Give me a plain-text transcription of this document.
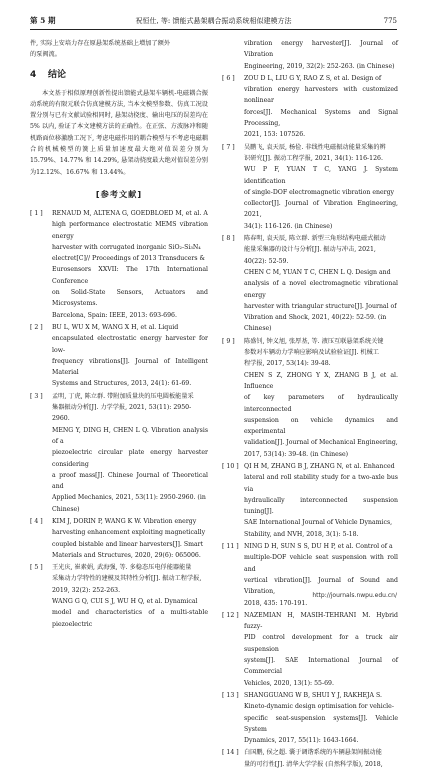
第 5 期	祝恒仕, 等: 馈能式悬架耦合振动系统相似建模方法	775

件, 实际上安培力存在原悬架系统基础上增加了额外
的泵阀流。

4 结论

本文基于相似原理创新性提出馈能式悬架车辆机-电磁耦合振动系统的有限元联合仿真建模方法, 当本文模型参数、仿真工况设置分别与已有文献试验相同时, 悬架动挠度、输出电压的误差均在5% 以内, 验证了本文建模方法的正确性。在正弦、方波脉冲和随机路面位移激励工况下, 考虑电磁作用的耦合模型与不考虑电磁耦合的机械模型的簧上质量加速度最大绝对值误差分别为 15.79%、14.77% 和 14.29%, 悬架动挠度最大绝对值误差分别为12.12%、16.67% 和 13.44%。

[参考文献]
[ 1 ] RENAUD M, ALTENA G, GOEDBLOED M, et al. A
high performance electrostatic MEMS vibration energy
harvester with corrugated inorganic SiO₂-Si₃N₄
electret[C]// Proceedings of 2013 Transducers &
Eurosensors XXVII: The 17th International Conference
on Solid-State Sensors, Actuators and Microsystems.
Barcelona, Spain: IEEE, 2013: 693-696.
[ 2 ] BU L, WU X M, WANG X H, et al. Liquid
encapsulated electrostatic energy harvester for low-
frequency vibrations[J]. Journal of Intelligent Material
Systems and Structures, 2013, 24(1): 61-69.
[ 3 ] 孟明, 丁虎, 陈立群. 带附加质量块的压电圆板能量采
集器振动分析[J]. 力学学报, 2021, 53(11): 2950-
2960.
MENG Y, DING H, CHEN L Q. Vibration analysis of a
piezoelectric circular plate energy harvester considering
a proof mass[J]. Chinese Journal of Theoretical and
Applied Mechanics, 2021, 53(11): 2950-2960. (in
Chinese)
[ 4 ] KIM J, DORIN P, WANG K W. Vibration energy
harvesting enhancement exploiting magnetically
coupled bistable and linear harvesters[J]. Smart
Materials and Structures, 2020, 29(6): 065006.
[ 5 ] 王光庆, 崔素娟, 武海强, 等. 多稳态压电俘能器能量
采集动力学特性的建模及其特性分析[J]. 振动工程学报,
2019, 32(2): 252-263.
WANG G Q, CUI S J, WU H Q, et al. Dynamical
model and characteristics of a multi-stable piezoelectric
vibration energy harvester[J]. Journal of Vibration
Engineering, 2019, 32(2): 252-263. (in Chinese)
[ 6 ] ZOU D L, LIU G Y, RAO Z S, et al. Design of
vibration energy harvesters with customized nonlinear
forces[J]. Mechanical Systems and Signal Processing,
2021, 153: 107526.
[ 7 ] 吴鹏飞, 袁天辰, 杨俭. 非线性电磁振动能量采集的辨
识研究[J]. 振动工程学报, 2021, 34(1): 116-126.
WU P F, YUAN T C, YANG J. System identification
of single-DOF electromagnetic vibration energy
collector[J]. Journal of Vibration Engineering, 2021,
34(1): 116-126. (in Chinese)
[ 8 ] 陈春明, 袁天辰, 陈立群. 新型三角形结构电磁式振动
能量采集器的设计与分析[J]. 振动与冲击, 2021,
40(22): 52-59.
CHEN C M, YUAN T C, CHEN L Q. Design and
analysis of a novel electromagnetic vibrational energy
harvester with triangular structure[J]. Journal of
Vibration and Shock, 2021, 40(22): 52-59. (in
Chinese)
[ 9 ] 陈盛钊, 钟义旭, 张厚基, 等. 液压互联悬架系统关键
参数对车辆动力学响应影响及试验验证[J]. 机械工
程学报, 2017, 53(14): 39-48.
CHEN S Z, ZHONG Y X, ZHANG B J, et al. Influence
of key parameters of hydraulically interconnected
suspension on vehicle dynamics and experimental
validation[J]. Journal of Mechanical Engineering,
2017, 53(14): 39-48. (in Chinese)
[ 10 ] QI H M, ZHANG B J, ZHANG N, et al. Enhanced
lateral and roll stability study for a two-axle bus via
hydraulically interconnected suspension tuning[J].
SAE International Journal of Vehicle Dynamics,
Stability, and NVH, 2018, 3(1): 5-18.
[ 11 ] NING D H, SUN S S, DU H P, et al. Control of a
multiple-DOF vehicle seat suspension with roll and
vertical vibration[J]. Journal of Sound and Vibration,
2018, 435: 170-191.
[ 12 ] NAZEMIAN H, MASIH-TEHRANI M. Hybrid fuzzy-
PID control development for a truck air suspension
system[J]. SAE International Journal of Commercial
Vehicles, 2020, 13(1): 55-69.
[ 13 ] SHANGGUANG W B, SHUI Y J, RAKHEJA S.
Kineto-dynamic design optimisation for vehicle-
specific seat-suspension systems[J]. Vehicle System
Dynamics, 2017, 55(11): 1643-1664.
[ 14 ] 白国鹏, 侯之超. 囊于调谐系统的车辆悬架间振动能
量的可行性[J]. 清华大学学报 (自然科学版), 2018,
http://journals.nwpu.edu.cn/
